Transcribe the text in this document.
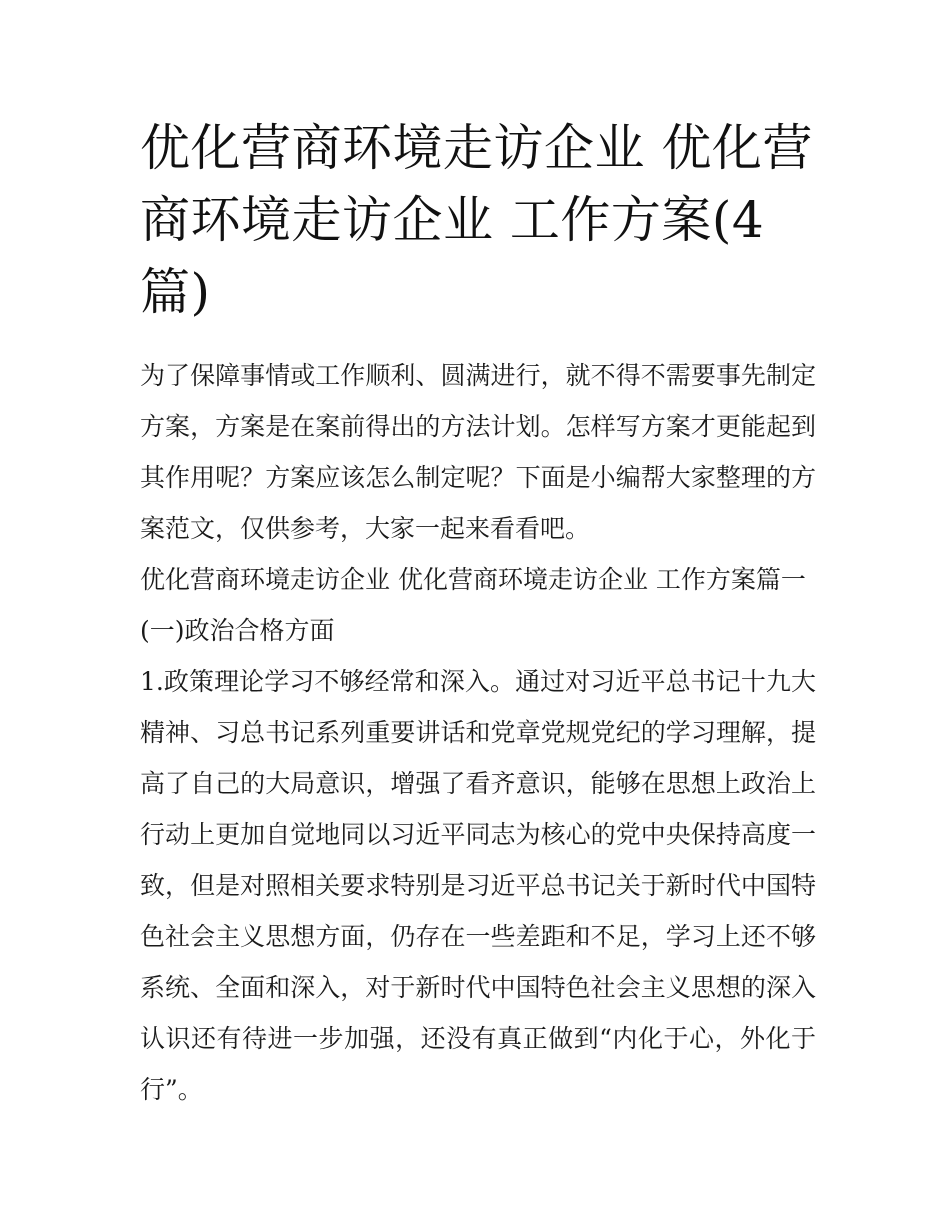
优化营商环境走访企业 优化营商环境走访企业 工作方案(4篇)

为了保障事情或工作顺利、圆满进行，就不得不需要事先制定方案，方案是在案前得出的方法计划。怎样写方案才更能起到其作用呢？方案应该怎么制定呢？下面是小编帮大家整理的方案范文，仅供参考，大家一起来看看吧。

优化营商环境走访企业 优化营商环境走访企业 工作方案篇一

(一)政治合格方面

1.政策理论学习不够经常和深入。通过对习近平总书记十九大精神、习总书记系列重要讲话和党章党规党纪的学习理解，提高了自己的大局意识，增强了看齐意识，能够在思想上政治上行动上更加自觉地同以习近平同志为核心的党中央保持高度一致，但是对照相关要求特别是习近平总书记关于新时代中国特色社会主义思想方面，仍存在一些差距和不足，学习上还不够系统、全面和深入，对于新时代中国特色社会主义思想的深入认识还有待进一步加强，还没有真正做到“内化于心，外化于行”。
